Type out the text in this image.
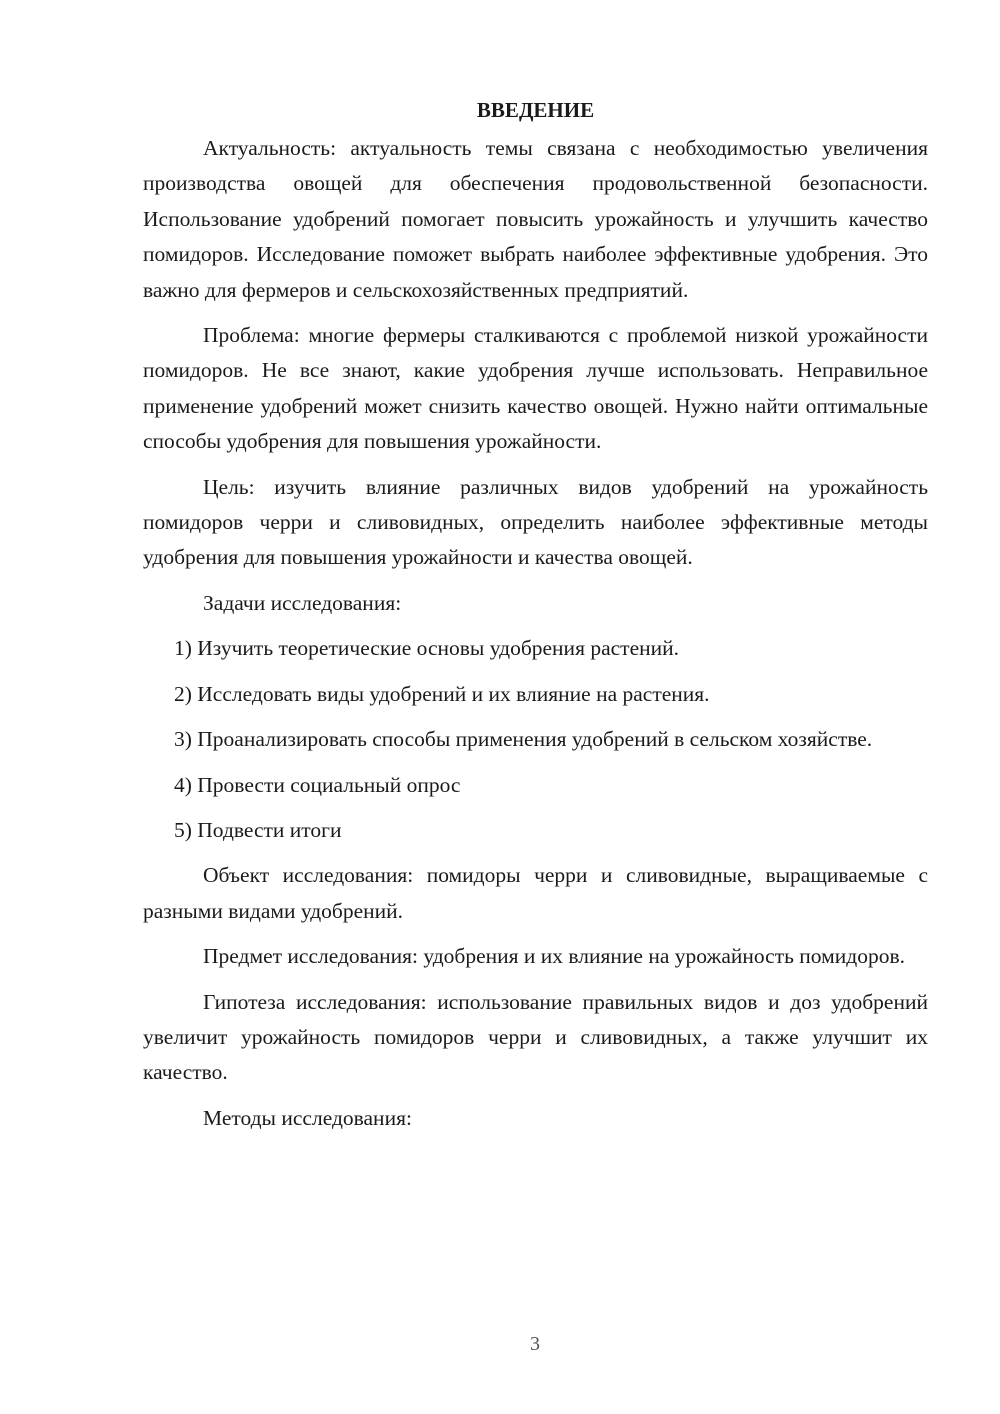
ВВЕДЕНИЕ

Актуальность: актуальность темы связана с необходимостью увеличения производства овощей для обеспечения продовольственной безопасности. Использование удобрений помогает повысить урожайность и улучшить качество помидоров. Исследование поможет выбрать наиболее эффективные удобрения. Это важно для фермеров и сельскохозяйственных предприятий.

Проблема: многие фермеры сталкиваются с проблемой низкой урожайности помидоров. Не все знают, какие удобрения лучше использовать. Неправильное применение удобрений может снизить качество овощей. Нужно найти оптимальные способы удобрения для повышения урожайности.

Цель: изучить влияние различных видов удобрений на урожайность помидоров черри и сливовидных, определить наиболее эффективные методы удобрения для повышения урожайности и качества овощей.

Задачи исследования:

1) Изучить теоретические основы удобрения растений.

2) Исследовать виды удобрений и их влияние на растения.

3) Проанализировать способы применения удобрений в сельском хозяйстве.

4) Провести социальный опрос

5) Подвести итоги

Объект исследования: помидоры черри и сливовидные, выращиваемые с разными видами удобрений.

Предмет исследования: удобрения и их влияние на урожайность помидоров.

Гипотеза исследования: использование правильных видов и доз удобрений увеличит урожайность помидоров черри и сливовидных, а также улучшит их качество.

Методы исследования:

3
